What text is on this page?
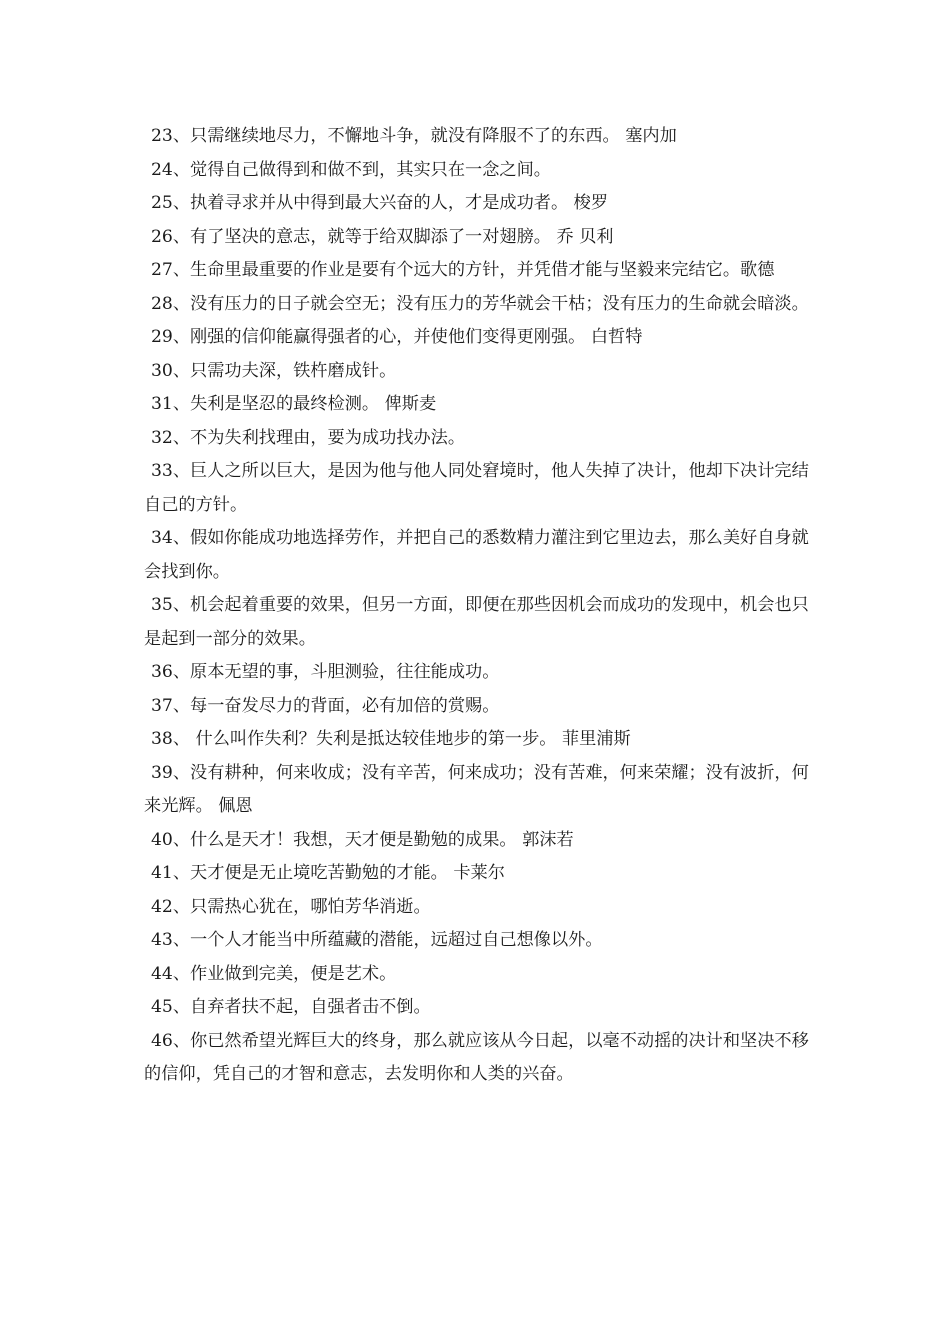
23、只需继续地尽力，不懈地斗争，就没有降服不了的东西。 塞内加

24、觉得自己做得到和做不到，其实只在一念之间。

25、执着寻求并从中得到最大兴奋的人，才是成功者。 梭罗

26、有了坚决的意志，就等于给双脚添了一对翅膀。 乔 贝利

27、生命里最重要的作业是要有个远大的方针，并凭借才能与坚毅来完结它。歌德

28、没有压力的日子就会空无；没有压力的芳华就会干枯；没有压力的生命就会暗淡。

29、刚强的信仰能赢得强者的心，并使他们变得更刚强。 白哲特

30、只需功夫深，铁杵磨成针。

31、失利是坚忍的最终检测。 俾斯麦

32、不为失利找理由，要为成功找办法。

33、巨人之所以巨大，是因为他与他人同处窘境时，他人失掉了决计，他却下决计完结自己的方针。

34、假如你能成功地选择劳作，并把自己的悉数精力灌注到它里边去，那么美好自身就会找到你。

35、机会起着重要的效果，但另一方面，即便在那些因机会而成功的发现中，机会也只是起到一部分的效果。

36、原本无望的事，斗胆测验，往往能成功。

37、每一奋发尽力的背面，必有加倍的赏赐。

38、 什么叫作失利？失利是抵达较佳地步的第一步。 菲里浦斯

39、没有耕种，何来收成；没有辛苦，何来成功；没有苦难，何来荣耀；没有波折，何来光辉。 佩恩

40、什么是天才！我想，天才便是勤勉的成果。 郭沫若

41、天才便是无止境吃苦勤勉的才能。 卡莱尔

42、只需热心犹在，哪怕芳华消逝。

43、一个人才能当中所蕴藏的潜能，远超过自己想像以外。

44、作业做到完美，便是艺术。

45、自弃者扶不起，自强者击不倒。

46、你已然希望光辉巨大的终身，那么就应该从今日起，以毫不动摇的决计和坚决不移的信仰，凭自己的才智和意志，去发明你和人类的兴奋。
